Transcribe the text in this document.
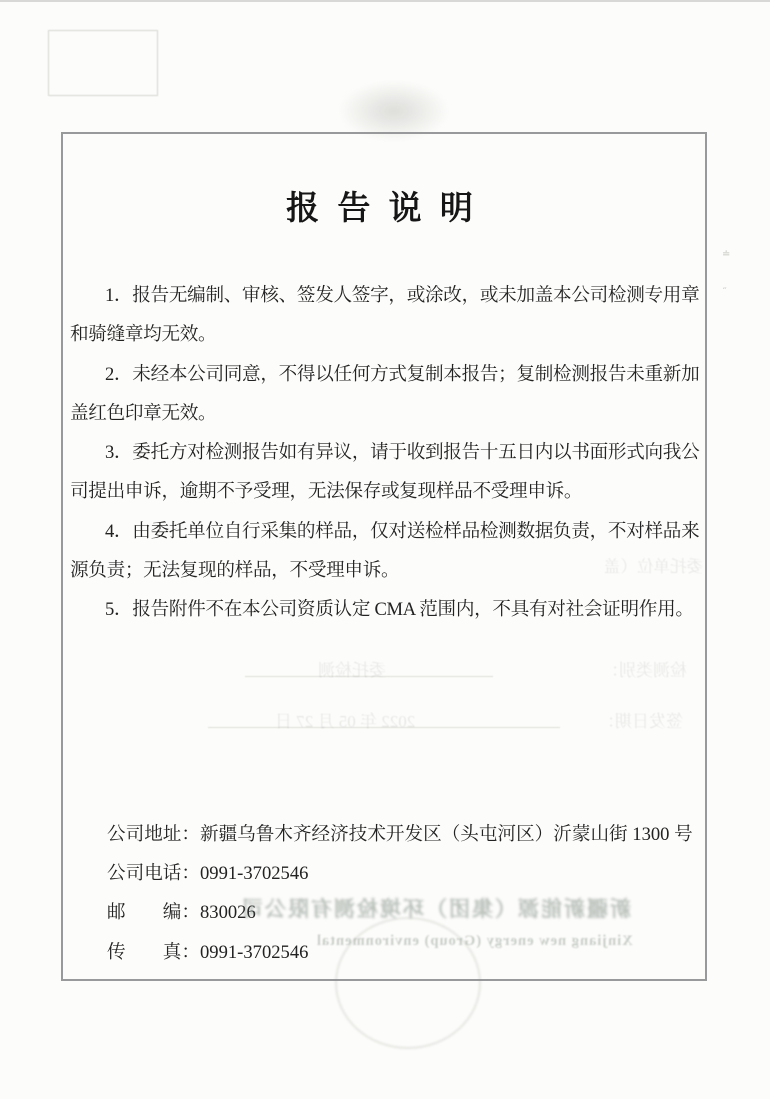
报 告 说 明
1．报告无编制、审核、签发人签字，或涂改，或未加盖本公司检测专用章
和骑缝章均无效。
2．未经本公司同意，不得以任何方式复制本报告；复制检测报告未重新加
盖红色印章无效。
3．委托方对检测报告如有异议，请于收到报告十五日内以书面形式向我公
司提出申诉，逾期不予受理，无法保存或复现样品不受理申诉。
4．由委托单位自行采集的样品，仅对送检样品检测数据负责，不对样品来
源负责；无法复现的样品，不受理申诉。
5．报告附件不在本公司资质认定 CMA 范围内，不具有对社会证明作用。
≐
˶
委托单位（盖
检测类别：
委托检测
签发日期：
2022 年 05 月 27 日
公司地址：新疆乌鲁木齐经济技术开发区（头屯河区）沂蒙山街 1300 号
公司电话：0991-3702546
邮　　编：830026
传　　真：0991-3702546
新疆新能源（集团）环境检测有限公司
Xinjiang new energy (Group) environmental
